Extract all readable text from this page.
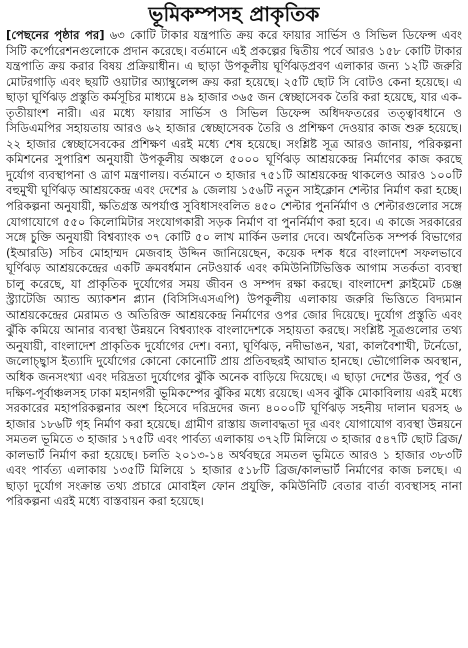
ভূমিকম্পসহ প্রাকৃতিক

[পেছনের পৃষ্ঠার পর] ৬৩ কোটি টাকার যন্ত্রপাতি ক্রয় করে ফায়ার সার্ভিস ও সিভিল ডিফেন্স এবং সিটি কর্পোরেশনগুলোকে প্রদান করেছে। বর্তমানে এই প্রকল্পের দ্বিতীয় পর্বে আরও ১৫৮ কোটি টাকার যন্ত্রপাতি ক্রয় করার বিষয় প্রক্রিয়াধীন। এ ছাড়া উপকূলীয় ঘূর্ণিঝড়প্রবণ এলাকার জন্য ১২টি জরুরি মোটরগাড়ি এবং ছয়টি ওয়াটার অ্যাম্বুলেন্স ক্রয় করা হয়েছে। ২৫টি ছোট সি বোটও কেনা হয়েছে। এ ছাড়া ঘূর্ণিঝড় প্রস্তুতি কর্মসূচির মাধ্যমে ৪৯ হাজার ৩৬৫ জন স্বেচ্ছাসেবক তৈরি করা হয়েছে, যার এক-তৃতীয়াংশ নারী। এর মধ্যে ফায়ার সার্ভিস ও সিভিল ডিফেন্স অধিদফতরের তত্ত্বাবধানে ও সিডিএমপির সহায়তায় আরও ৬২ হাজার স্বেচ্ছাসেবক তৈরি ও প্রশিক্ষণ দেওয়ার কাজ শুরু হয়েছে। ২২ হাজার স্বেচ্ছাসেবকের প্রশিক্ষণ এরই মধ্যে শেষ হয়েছে। সংশ্লিষ্ট সূত্র আরও জানায়, পরিকল্পনা কমিশনের সুপারিশ অনুযায়ী উপকূলীয় অঞ্চলে ৫০০০ ঘূর্ণিঝড় আশ্রয়কেন্দ্র নির্মাণের কাজ করছে দুর্যোগ ব্যবস্থাপনা ও ত্রাণ মন্ত্রণালয়। বর্তমানে ৩ হাজার ৭৫১টি আশ্রয়কেন্দ্র থাকলেও আরও ১০০টি বহুমুখী ঘূর্ণিঝড় আশ্রয়কেন্দ্র এবং দেশের ৯ জেলায় ১৫৬টি নতুন সাইক্লোন শেল্টার নির্মাণ করা হচ্ছে। পরিকল্পনা অনুযায়ী, ক্ষতিগ্রস্ত অপর্যাপ্ত সুবিধাসংবলিত ৪৫০ শেল্টার পুনর্নির্মাণ ও শেল্টারগুলোর সঙ্গে যোগাযোগে ৫৫০ কিলোমিটার সংযোগকারী সড়ক নির্মাণ বা পুনর্নির্মাণ করা হবে। এ কাজে সরকারের সঙ্গে চুক্তি অনুযায়ী বিশ্বব্যাংক ৩৭ কোটি ৫০ লাখ মার্কিন ডলার দেবে। অর্থনৈতিক সম্পর্ক বিভাগের (ইআরডি) সচিব মোহাম্মদ মেজবাহ উদ্দিন জানিয়েছেন, কয়েক দশক ধরে বাংলাদেশ সফলভাবে ঘূর্ণিঝড় আশ্রয়কেন্দ্রের একটি ক্রমবর্ধমান নেটওয়ার্ক এবং কমিউনিটিভিত্তিক আগাম সতর্কতা ব্যবস্থা চালু করেছে, যা প্রাকৃতিক দুর্যোগের সময় জীবন ও সম্পদ রক্ষা করছে। বাংলাদেশ ক্লাইমেট চেঞ্জ স্ট্র্যাটেজি অ্যান্ড অ্যাকশন প্ল্যান (বিসিসিএসএপি) উপকূলীয় এলাকায় জরুরি ভিত্তিতে বিদ্যমান আশ্রয়কেন্দ্রের মেরামত ও অতিরিক্ত আশ্রয়কেন্দ্র নির্মাণের ওপর জোর দিয়েছে। দুর্যোগ প্রস্তুতি এবং ঝুঁকি কমিয়ে আনার ব্যবস্থা উন্নয়নে বিশ্বব্যাংক বাংলাদেশকে সহায়তা করছে। সংশ্লিষ্ট সূত্রগুলোর তথ্য অনুযায়ী, বাংলাদেশ প্রাকৃতিক দুর্যোগের দেশ। বন্যা, ঘূর্ণিঝড়, নদীভাঙন, খরা, কালবৈশাখী, টর্নেডো, জলোচ্ছ্বাস ইত্যাদি দুর্যোগের কোনো কোনোটি প্রায় প্রতিবছরই আঘাত হানছে। ভৌগোলিক অবস্থান, অধিক জনসংখ্যা এবং দরিদ্রতা দুর্যোগের ঝুঁকি অনেক বাড়িয়ে দিয়েছে। এ ছাড়া দেশের উত্তর, পূর্ব ও দক্ষিণ-পূর্বাঞ্চলসহ ঢাকা মহানগরী ভূমিকম্পের ঝুঁকির মধ্যে রয়েছে। এসব ঝুঁকি মোকাবিলায় এরই মধ্যে সরকারের মহাপরিকল্পনার অংশ হিসেবে দরিদ্রদের জন্য ৪০০০টি ঘূর্ণিঝড় সহনীয় দালান ঘরসহ ৬ হাজার ১৮৬টি গৃহ নির্মাণ করা হয়েছে। গ্রামীণ রাস্তায় জলাবদ্ধতা দূর এবং যোগাযোগ ব্যবস্থা উন্নয়নে সমতল ভূমিতে ৩ হাজার ১৭৫টি এবং পার্বত্য এলাকায় ৩৭২টি মিলিয়ে ৩ হাজার ৫৪৭টি ছোট ব্রিজ/কালভার্ট নির্মাণ করা হয়েছে। চলতি ২০১৩-১৪ অর্থবছরে সমতল ভূমিতে আরও ১ হাজার ৩৮৩টি এবং পার্বত্য এলাকায় ১৩৫টি মিলিয়ে ১ হাজার ৫১৮টি ব্রিজ/কালভার্ট নির্মাণের কাজ চলছে। এ ছাড়া দুর্যোগ সংক্রান্ত তথ্য প্রচারে মোবাইল ফোন প্রযুক্তি, কমিউনিটি বেতার বার্তা ব্যবস্থাসহ নানা পরিকল্পনা এরই মধ্যে বাস্তবায়ন করা হয়েছে।
